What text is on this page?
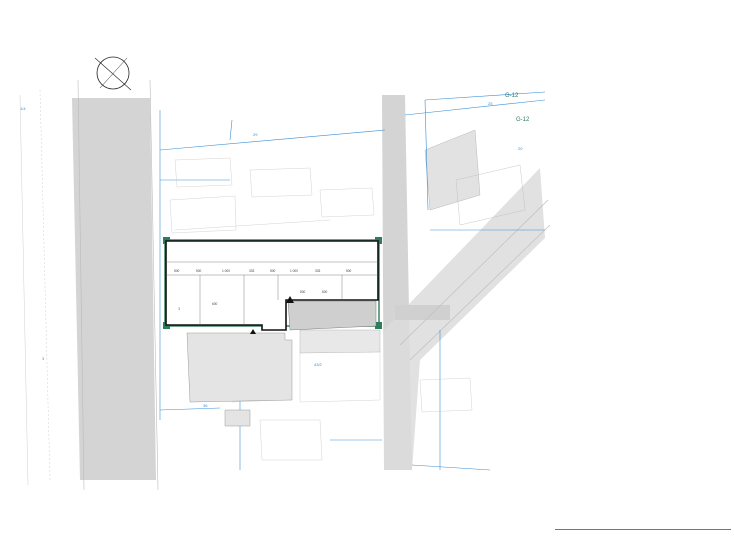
500	500	1 000	333	500	1 000	333	500
600
500	600
1/4
3
25
20
3
43/2
G-12
G-12
29
36
